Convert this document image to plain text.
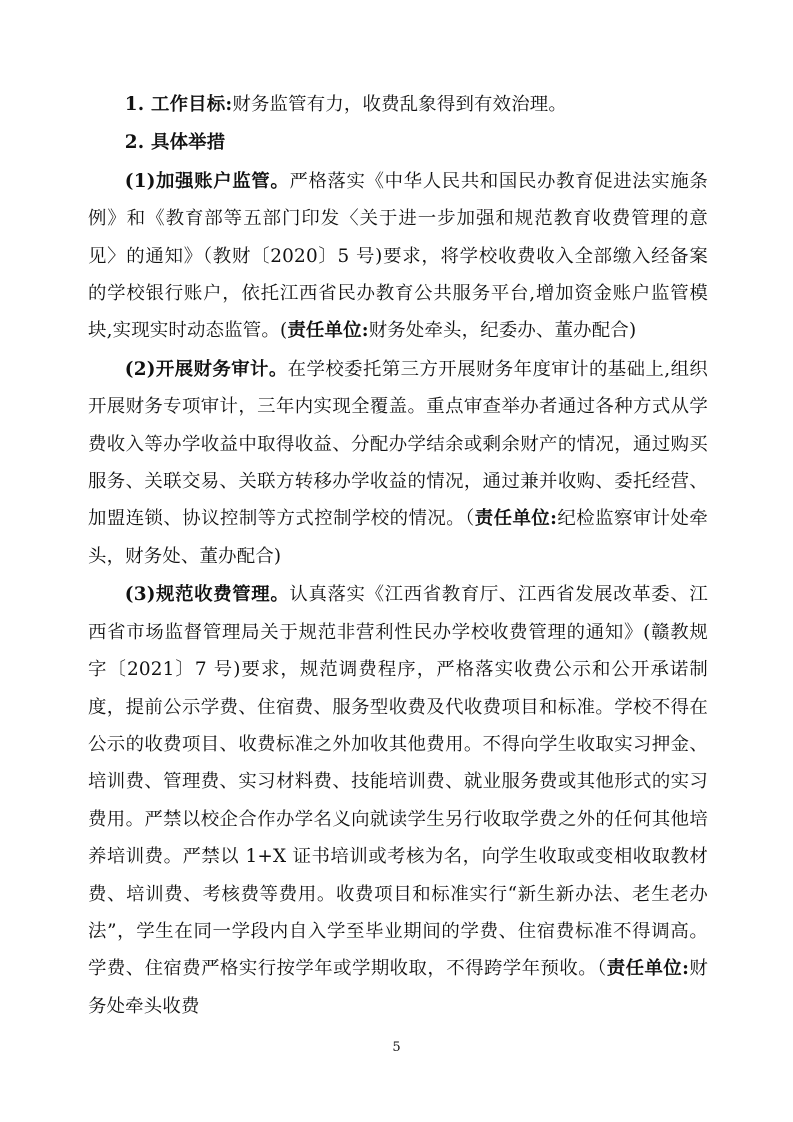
1. 工作目标:财务监管有力，收费乱象得到有效治理。

2. 具体举措

(1)加强账户监管。严格落实《中华人民共和国民办教育促进法实施条例》和《教育部等五部门印发〈关于进一步加强和规范教育收费管理的意见〉的通知》（教财〔2020〕5 号)要求，将学校收费收入全部缴入经备案的学校银行账户，依托江西省民办教育公共服务平台,增加资金账户监管模块,实现实时动态监管。(责任单位:财务处牵头，纪委办、董办配合)

(2)开展财务审计。在学校委托第三方开展财务年度审计的基础上,组织开展财务专项审计，三年内实现全覆盖。重点审查举办者通过各种方式从学费收入等办学收益中取得收益、分配办学结余或剩余财产的情况，通过购买服务、关联交易、关联方转移办学收益的情况，通过兼并收购、委托经营、加盟连锁、协议控制等方式控制学校的情况。（责任单位:纪检监察审计处牵头，财务处、董办配合)

(3)规范收费管理。认真落实《江西省教育厅、江西省发展改革委、江西省市场监督管理局关于规范非营利性民办学校收费管理的通知》(赣教规字〔2021〕7 号)要求，规范调费程序，严格落实收费公示和公开承诺制度，提前公示学费、住宿费、服务型收费及代收费项目和标准。学校不得在公示的收费项目、收费标准之外加收其他费用。不得向学生收取实习押金、培训费、管理费、实习材料费、技能培训费、就业服务费或其他形式的实习费用。严禁以校企合作办学名义向就读学生另行收取学费之外的任何其他培养培训费。严禁以 1+X 证书培训或考核为名，向学生收取或变相收取教材费、培训费、考核费等费用。收费项目和标准实行“新生新办法、老生老办法”，学生在同一学段内自入学至毕业期间的学费、住宿费标准不得调高。学费、住宿费严格实行按学年或学期收取，不得跨学年预收。（责任单位:财务处牵头收费

5
